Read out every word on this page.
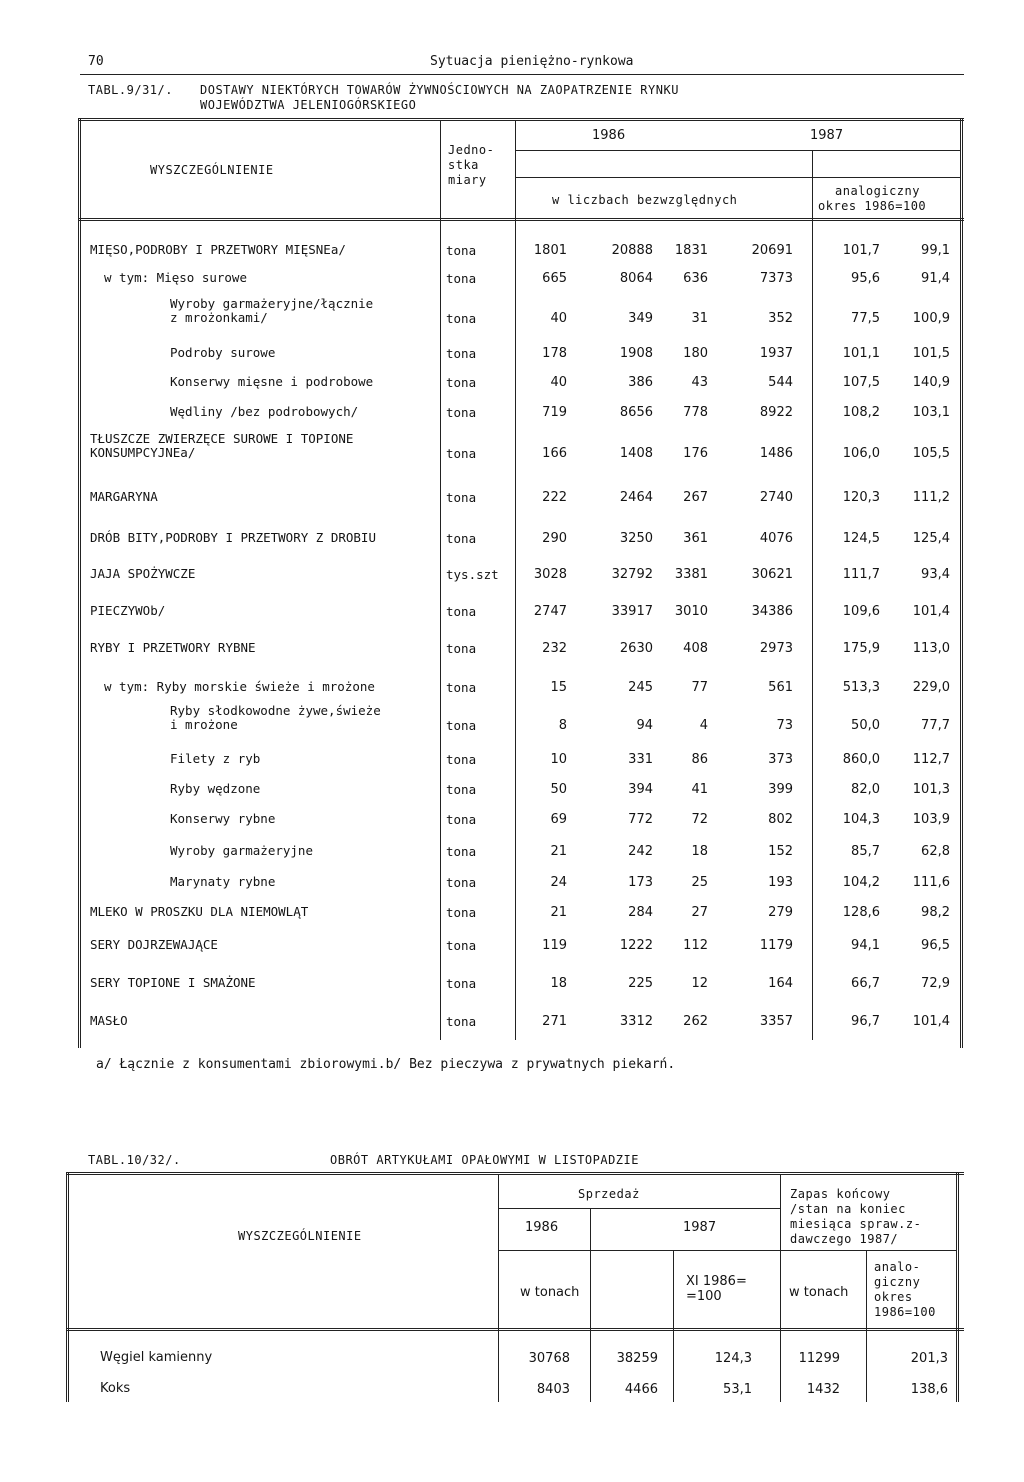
70	Sytuacja pieniężno-rynkowa
TABL.9/31/. DOSTAWY NIEKTÓRYCH TOWARÓW ŻYWNOŚCIOWYCH NA ZAOPATRZENIE RYNKU
WOJEWÓDZTWA JELENIOGÓRSKIEGO
WYSZCZEGÓLNIENIE
Jedno-
stka
miary
1986	1987
w liczbach bezwzględnych
analogiczny
okres 1986=100
MIĘSO,PODROBY I PRZETWORY MIĘSNEa/	tona	1801	20888	1831	20691	101,7	99,1
w tym: Mięso surowe	tona	665	8064	636	7373	95,6	91,4
Wyroby garmażeryjne/łącznie
z mrożonkami/	tona	40	349	31	352	77,5	100,9
Podroby surowe	tona	178	1908	180	1937	101,1	101,5
Konserwy mięsne i podrobowe	tona	40	386	43	544	107,5	140,9
Wędliny /bez podrobowych/	tona	719	8656	778	8922	108,2	103,1
TŁUSZCZE ZWIERZĘCE SUROWE I TOPIONE
KONSUMPCYJNEa/	tona	166	1408	176	1486	106,0	105,5
MARGARYNA	tona	222	2464	267	2740	120,3	111,2
DRÓB BITY,PODROBY I PRZETWORY Z DROBIU	tona	290	3250	361	4076	124,5	125,4
JAJA SPOŻYWCZE	tys.szt	3028	32792	3381	30621	111,7	93,4
PIECZYWOb/	tona	2747	33917	3010	34386	109,6	101,4
RYBY I PRZETWORY RYBNE	tona	232	2630	408	2973	175,9	113,0
w tym: Ryby morskie świeże i mrożone	tona	15	245	77	561	513,3	229,0
Ryby słodkowodne żywe,świeże
i mrożone	tona	8	94	4	73	50,0	77,7
Filety z ryb	tona	10	331	86	373	860,0	112,7
Ryby wędzone	tona	50	394	41	399	82,0	101,3
Konserwy rybne	tona	69	772	72	802	104,3	103,9
Wyroby garmażeryjne	tona	21	242	18	152	85,7	62,8
Marynaty rybne	tona	24	173	25	193	104,2	111,6
MLEKO W PROSZKU DLA NIEMOWLĄT	tona	21	284	27	279	128,6	98,2
SERY DOJRZEWAJĄCE	tona	119	1222	112	1179	94,1	96,5
SERY TOPIONE I SMAŻONE	tona	18	225	12	164	66,7	72,9
MASŁO	tona	271	3312	262	3357	96,7	101,4
a/ Łącznie z konsumentami zbiorowymi.b/ Bez pieczywa z prywatnych piekarń.
TABL.10/32/.	OBRÓT ARTYKUŁAMI OPAŁOWYMI W LISTOPADZIE
WYSZCZEGÓLNIENIE
Sprzedaż
1986	1987
w tonach
XI 1986=
=100
Zapas końcowy
/stan na koniec
miesiąca spraw.z-
dawczego 1987/
w tonach
analo-
giczny
okres
1986=100
Węgiel kamienny	30768	38259	124,3	11299	201,3
Koks	8403	4466	53,1	1432	138,6
